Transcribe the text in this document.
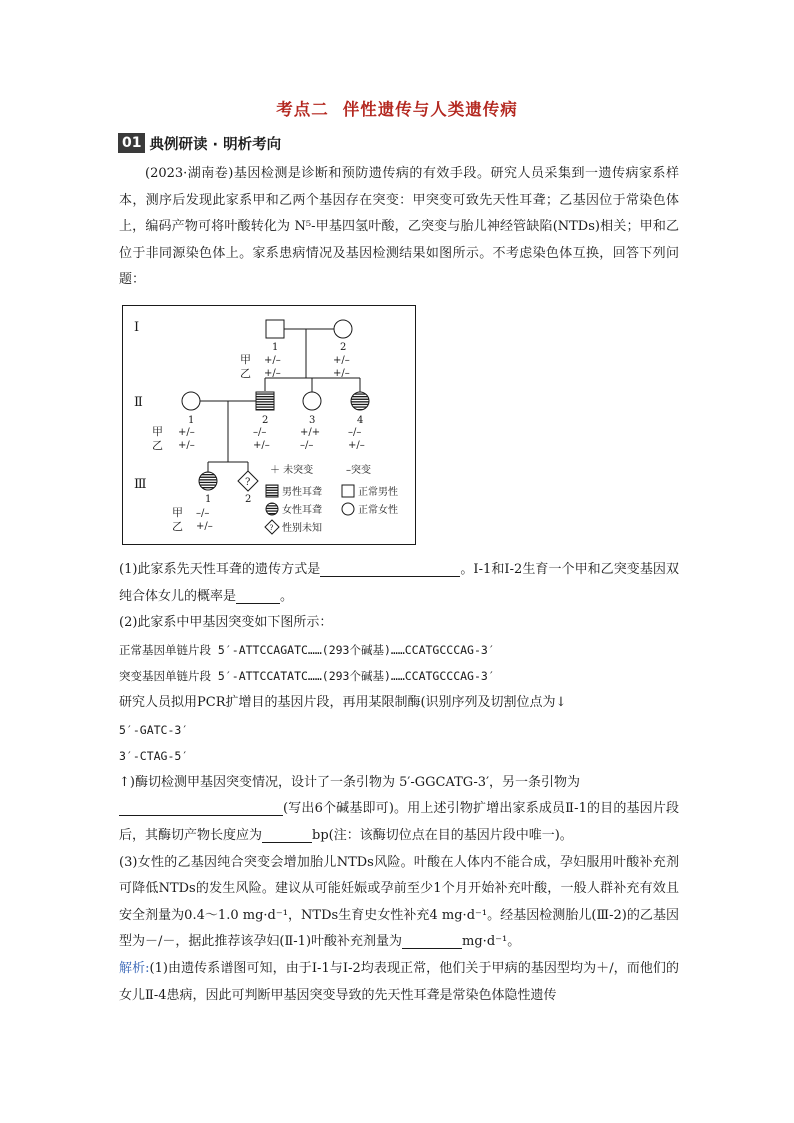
考点二 伴性遗传与人类遗传病
01 典例研读 · 明析考向

(2023·湖南卷)基因检测是诊断和预防遗传病的有效手段。研究人员采集到一遗传病家系样本，测序后发现此家系甲和乙两个基因存在突变：甲突变可致先天性耳聋；乙基因位于常染色体上，编码产物可将叶酸转化为 N⁵-甲基四氢叶酸，乙突变与胎儿神经管缺陷(NTDs)相关；甲和乙位于非同源染色体上。家系患病情况及基因检测结果如图所示。不考虑染色体互换，回答下列问题：

Ⅰ
Ⅱ
Ⅲ
1	2
甲
乙
+/–
+/–
+/–
+/–
1	2	3	4
甲
乙
+/–
+/–
–/–
+/–
+/+
–/–
–/–
+/–
?
1	2
甲
乙
–/–
+/–
＋ 未突变	–突变
男性耳聋	正常男性
女性耳聋	正常女性
? 性别未知

(1)此家系先天性耳聋的遗传方式是	。Ⅰ-1和Ⅰ-2生育一个甲和乙突变基因双纯合体女儿的概率是	。

(2)此家系中甲基因突变如下图所示：

正常基因单链片段 5′-ATTCCAGATC……(293个碱基)……CCATGCCCAG-3′

突变基因单链片段 5′-ATTCCATATC……(293个碱基)……CCATGCCCAG-3′

研究人员拟用PCR扩增目的基因片段，再用某限制酶(识别序列及切割位点为↓

5′-GATC-3′

3′-CTAG-5′

↑)酶切检测甲基因突变情况，设计了一条引物为 5′-GGCATG-3′，另一条引物为

(写出6个碱基即可)。用上述引物扩增出家系成员Ⅱ-1的目的基因片段后，其酶切产物长度应为	bp(注：该酶切位点在目的基因片段中唯一)。

(3)女性的乙基因纯合突变会增加胎儿NTDs风险。叶酸在人体内不能合成，孕妇服用叶酸补充剂可降低NTDs的发生风险。建议从可能妊娠或孕前至少1个月开始补充叶酸，一般人群补充有效且安全剂量为0.4～1.0 mg·d⁻¹，NTDs生育史女性补充4 mg·d⁻¹。经基因检测胎儿(Ⅲ-2)的乙基因型为－/－，据此推荐该孕妇(Ⅱ-1)叶酸补充剂量为	mg·d⁻¹。

解析:(1)由遗传系谱图可知，由于Ⅰ-1与Ⅰ-2均表现正常，他们关于甲病的基因型均为＋/，而他们的女儿Ⅱ-4患病，因此可判断甲基因突变导致的先天性耳聋是常染色体隐性遗传
